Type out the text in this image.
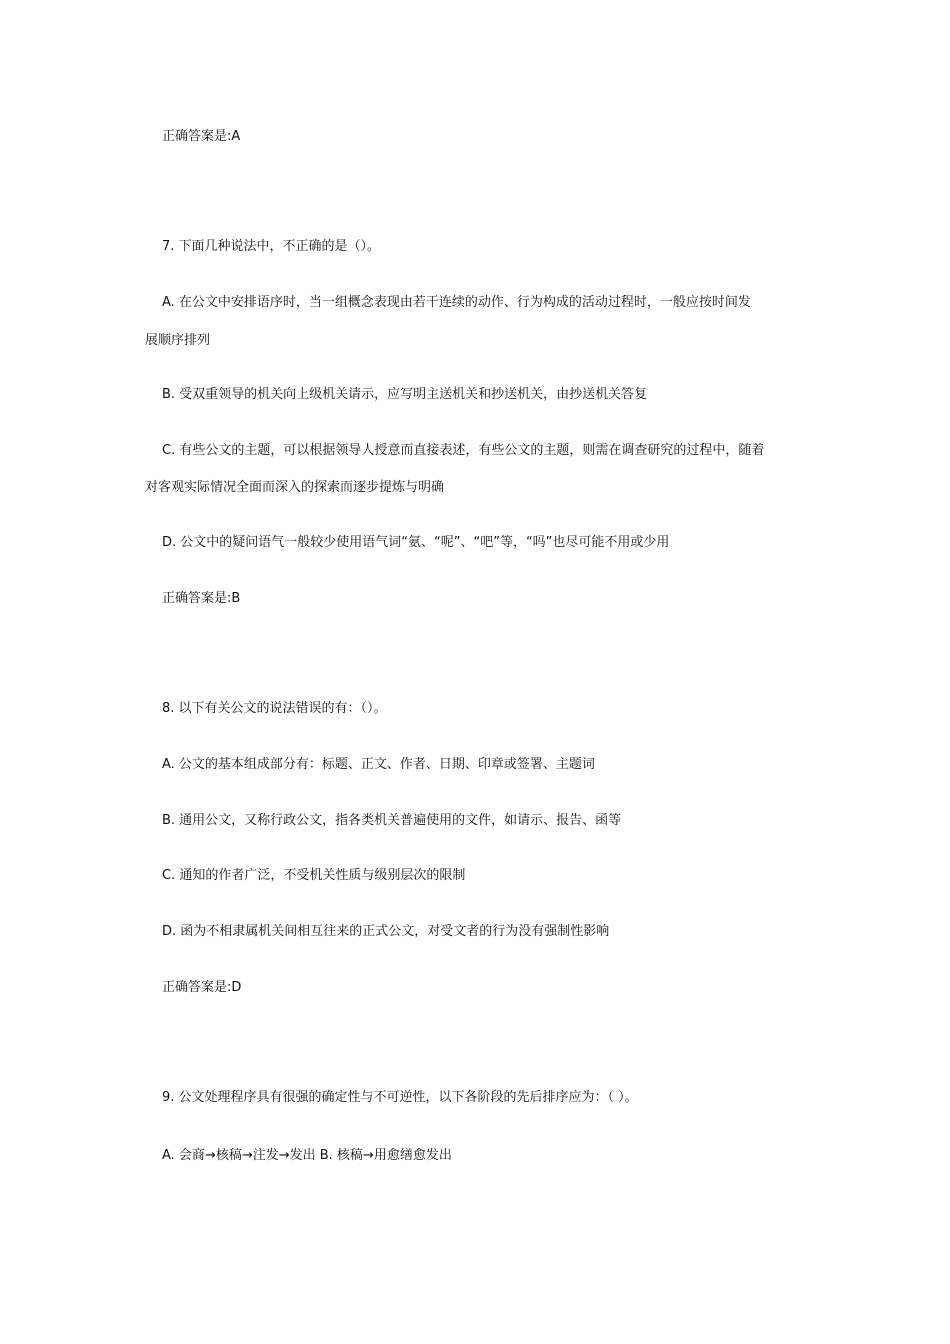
正确答案是:A
7. 下面几种说法中，不正确的是（）。
A. 在公文中安排语序时，当一组概念表现由若干连续的动作、行为构成的活动过程时，一般应按时间发
展顺序排列
B. 受双重领导的机关向上级机关请示，应写明主送机关和抄送机关，由抄送机关答复
C. 有些公文的主题，可以根据领导人授意而直接表述，有些公文的主题，则需在调查研究的过程中，随着
对客观实际情况全面而深入的探索而逐步提炼与明确
D. 公文中的疑问语气一般较少使用语气词“氨、“呢”、“吧”等，“吗”也尽可能不用或少用
正确答案是:B
8. 以下有关公文的说法错误的有：（）。
A. 公文的基本组成部分有：标题、正文、作者、日期、印章或签署、主题词
B. 通用公文，又称行政公文，指各类机关普遍使用的文件，如请示、报告、函等
C. 通知的作者广泛，不受机关性质与级别层次的限制
D. 函为不相隶属机关间相互往来的正式公文，对受文者的行为没有强制性影响
正确答案是:D
9. 公文处理程序具有很强的确定性与不可逆性，以下各阶段的先后排序应为：（ ）。
A. 会商→核稿→注发→发出 B. 核稿→用愈缮愈发出
